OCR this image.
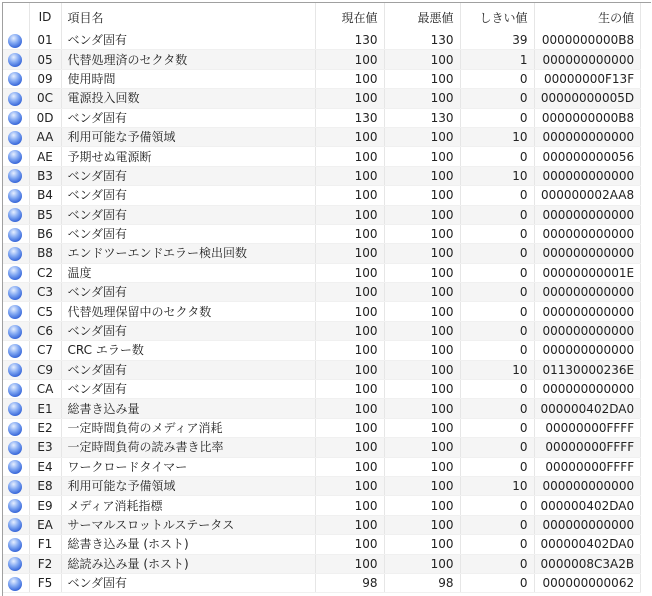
	ID	項目名	現在値	最悪値	しきい値	生の値
	01	ベンダ固有	130	130	39	0000000000B8
	05	代替処理済のセクタ数	100	100	1	000000000000
	09	使用時間	100	100	0	00000000F13F
	0C	電源投入回数	100	100	0	00000000005D
	0D	ベンダ固有	130	130	0	0000000000B8
	AA	利用可能な予備領域	100	100	10	000000000000
	AE	予期せぬ電源断	100	100	0	000000000056
	B3	ベンダ固有	100	100	10	000000000000
	B4	ベンダ固有	100	100	0	000000002AA8
	B5	ベンダ固有	100	100	0	000000000000
	B6	ベンダ固有	100	100	0	000000000000
	B8	エンドツーエンドエラー検出回数	100	100	0	000000000000
	C2	温度	100	100	0	00000000001E
	C3	ベンダ固有	100	100	0	000000000000
	C5	代替処理保留中のセクタ数	100	100	0	000000000000
	C6	ベンダ固有	100	100	0	000000000000
	C7	CRC エラー数	100	100	0	000000000000
	C9	ベンダ固有	100	100	10	01130000236E
	CA	ベンダ固有	100	100	0	000000000000
	E1	総書き込み量	100	100	0	000000402DA0
	E2	一定時間負荷のメディア消耗	100	100	0	00000000FFFF
	E3	一定時間負荷の読み書き比率	100	100	0	00000000FFFF
	E4	ワークロードタイマー	100	100	0	00000000FFFF
	E8	利用可能な予備領域	100	100	10	000000000000
	E9	メディア消耗指標	100	100	0	000000402DA0
	EA	サーマルスロットルステータス	100	100	0	000000000000
	F1	総書き込み量 (ホスト)	100	100	0	000000402DA0
	F2	総読み込み量 (ホスト)	100	100	0	0000008C3A2B
	F5	ベンダ固有	98	98	0	000000000062
